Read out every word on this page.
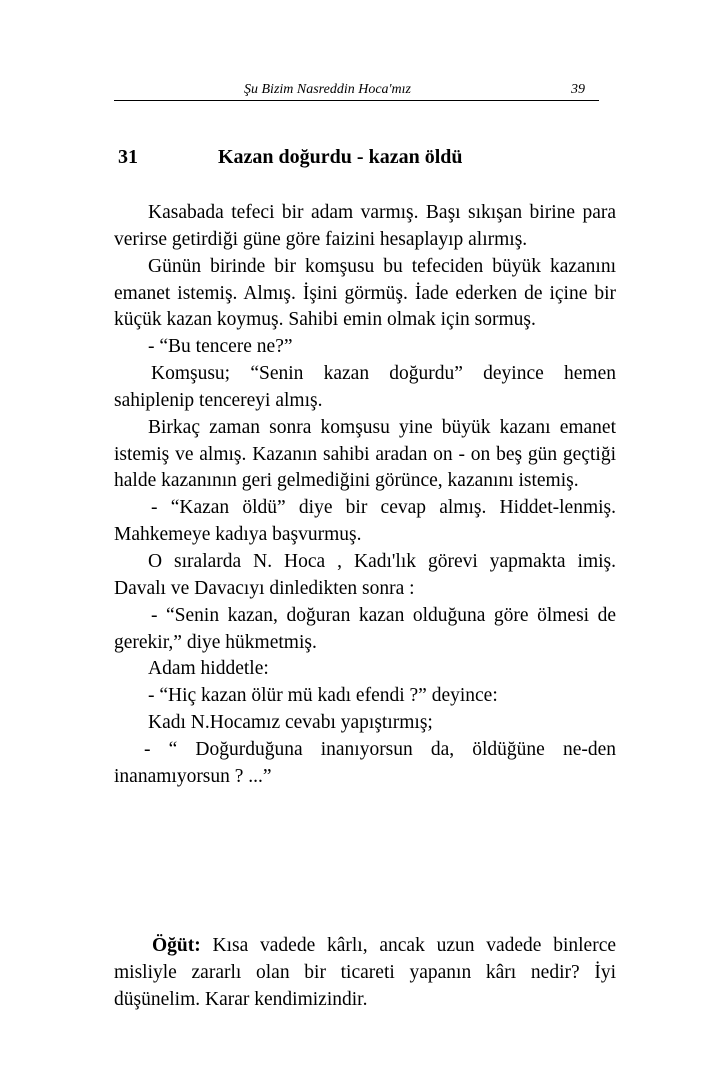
Şu Bizim Nasreddin Hoca'mız	39
31	Kazan doğurdu - kazan öldü

Kasabada tefeci bir adam varmış. Başı sıkışan birine para verirse getirdiği güne göre faizini hesaplayıp alırmış.

Günün birinde bir komşusu bu tefeciden büyük kazanını emanet istemiş. Almış. İşini görmüş. İade ederken de içine bir küçük kazan koymuş. Sahibi emin olmak için sormuş.

- “Bu tencere ne?”

Komşusu; “Senin kazan doğurdu” deyince hemen sahiplenip tencereyi almış.

Birkaç zaman sonra komşusu yine büyük kazanı emanet istemiş ve almış. Kazanın sahibi aradan on - on beş gün geçtiği halde kazanının geri gelmediğini görünce, kazanını istemiş.

- “Kazan öldü” diye bir cevap almış. Hiddet-lenmiş. Mahkemeye kadıya başvurmuş.

O sıralarda N. Hoca , Kadı'lık görevi yapmakta imiş. Davalı ve Davacıyı dinledikten sonra :

- “Senin kazan, doğuran kazan olduğuna göre ölmesi de gerekir,” diye hükmetmiş.

Adam hiddetle:

- “Hiç kazan ölür mü kadı efendi ?” deyince:

Kadı N.Hocamız cevabı yapıştırmış;

- “ Doğurduğuna inanıyorsun da, öldüğüne ne-den inanamıyorsun ? ...”

Öğüt: Kısa vadede kârlı, ancak uzun vadede binlerce misliyle zararlı olan bir ticareti yapanın kârı nedir? İyi düşünelim. Karar kendimizindir.
